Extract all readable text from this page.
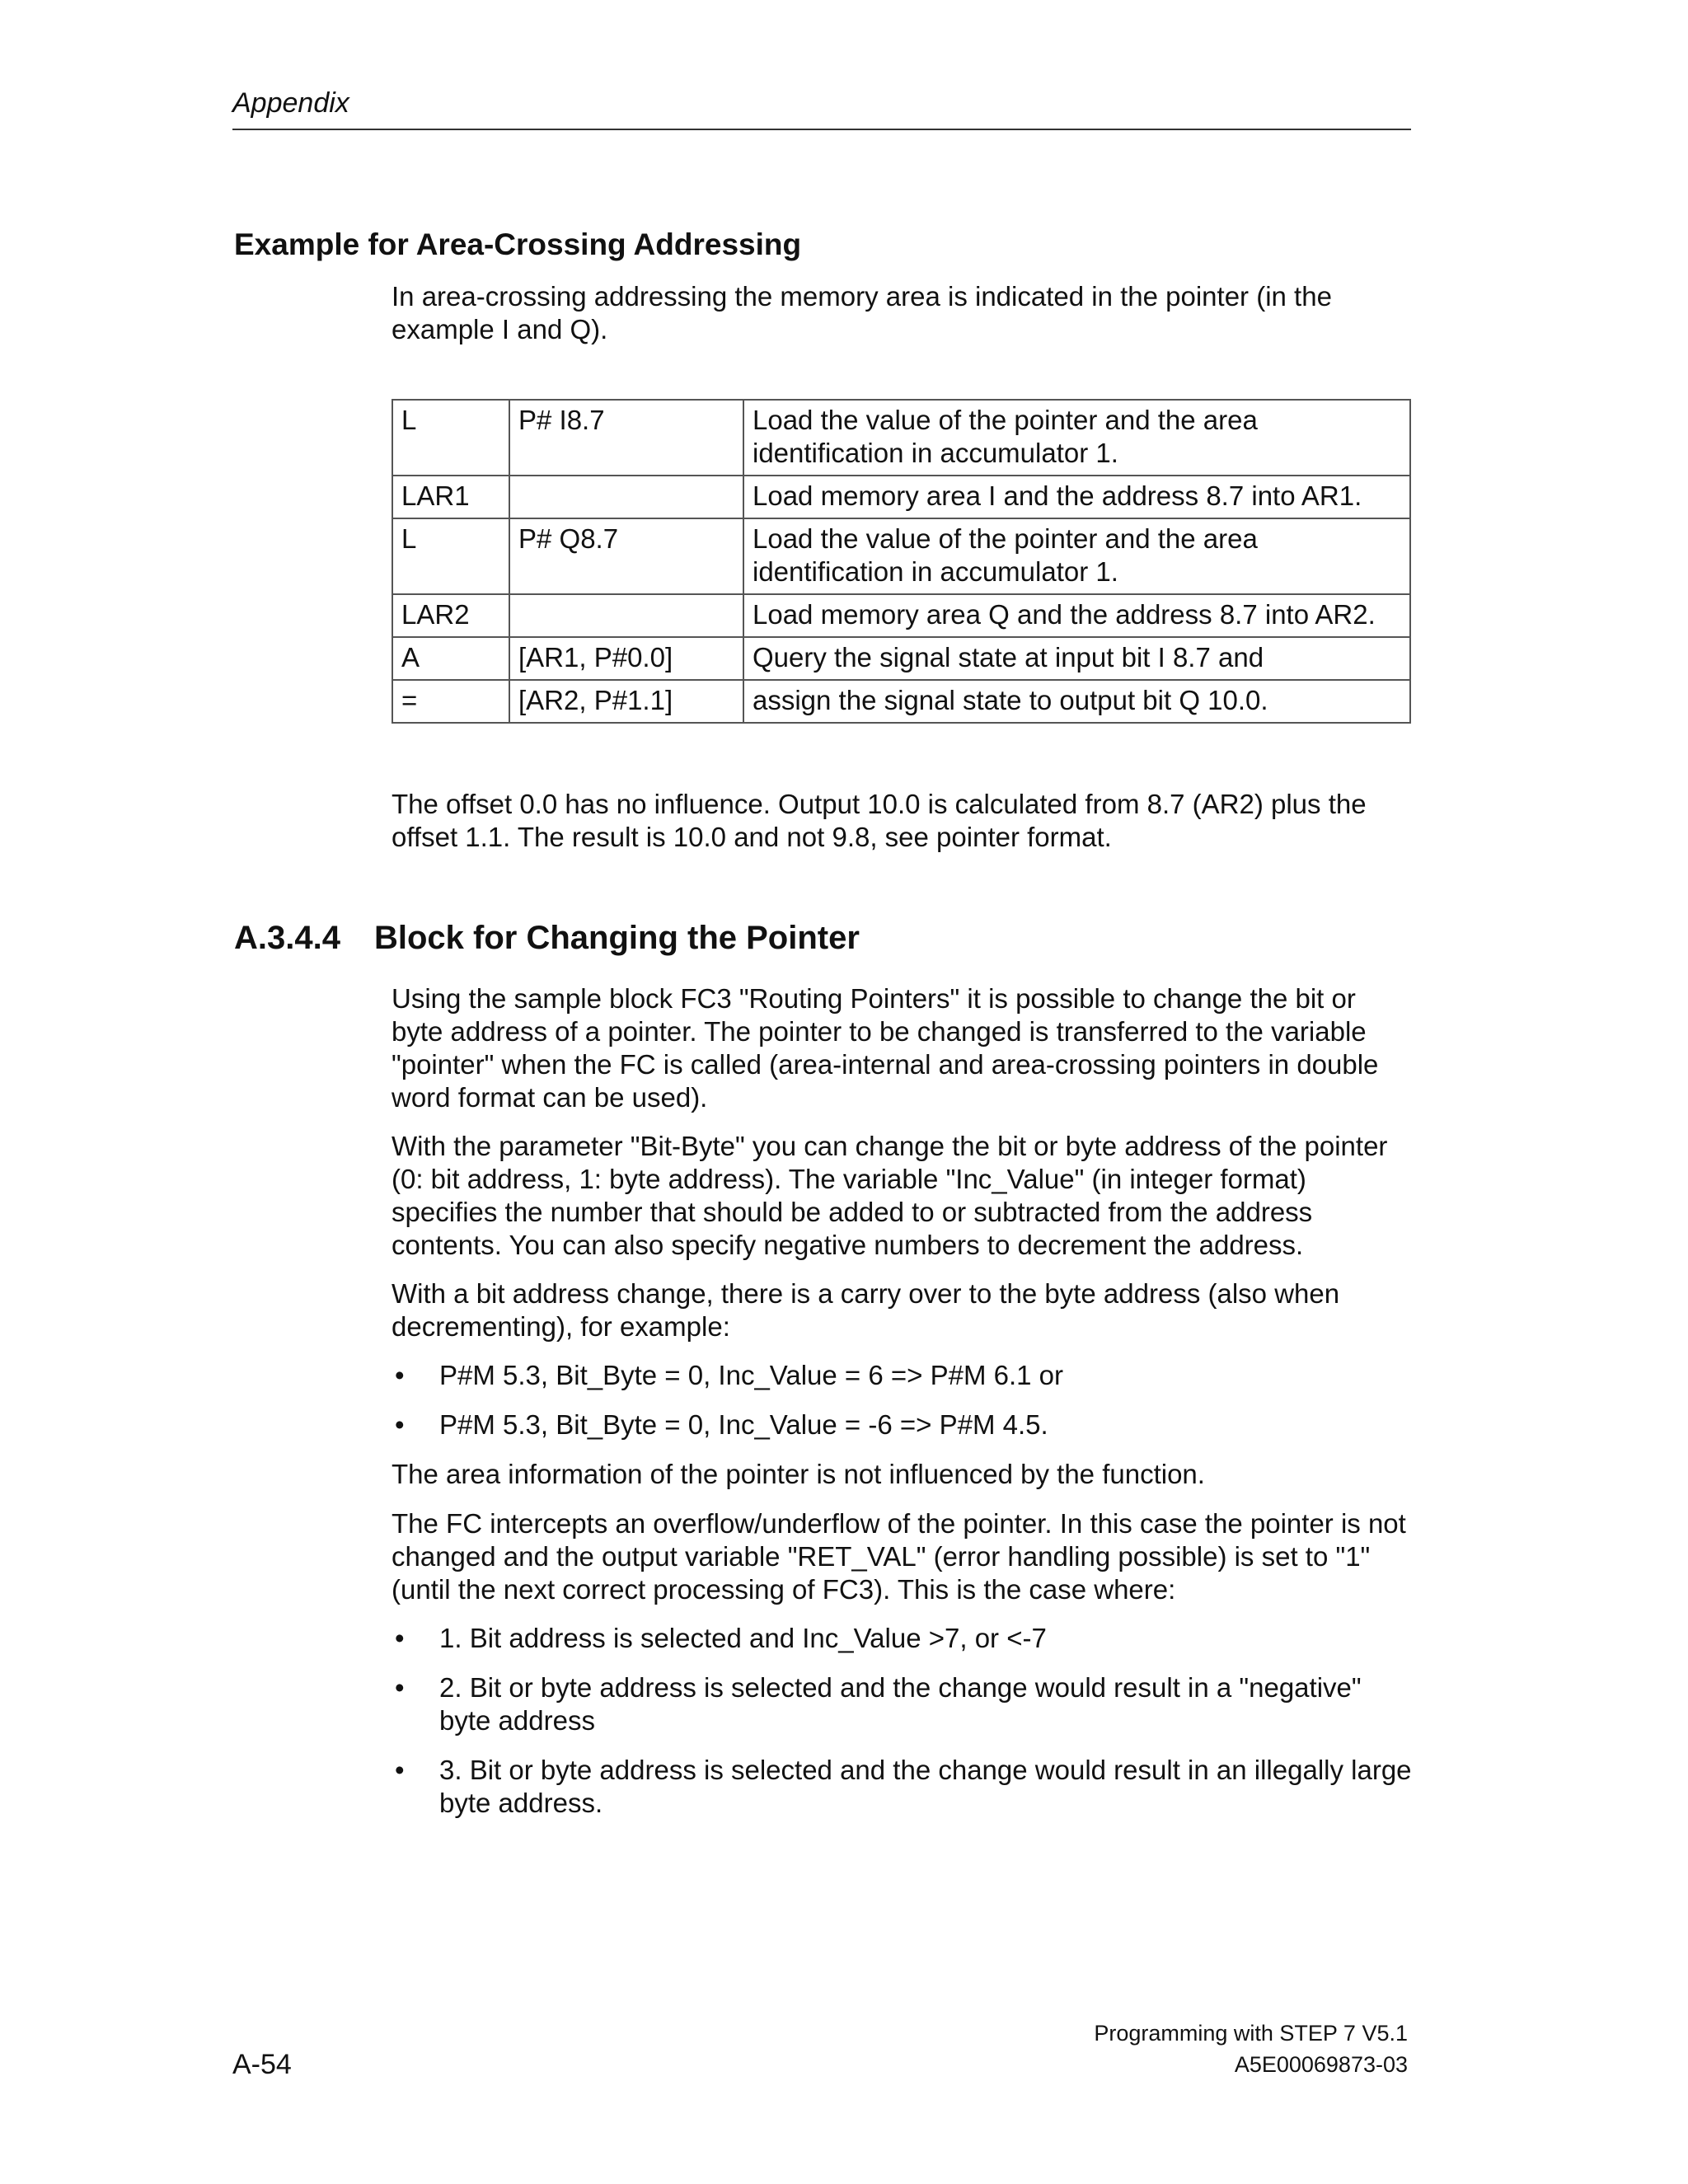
Appendix
Example for Area-Crossing Addressing

In area-crossing addressing the memory area is indicated in the pointer (in the example I and Q).

L	P# I8.7	Load the value of the pointer and the area identification in accumulator 1.
LAR1		Load memory area I and the address 8.7 into AR1.
L	P# Q8.7	Load the value of the pointer and the area identification in accumulator 1.
LAR2		Load memory area Q and the address 8.7 into AR2.
A	[AR1, P#0.0]	Query the signal state at input bit I 8.7 and
=	[AR2, P#1.1]	assign the signal state to output bit Q 10.0.

The offset 0.0 has no influence. Output 10.0 is calculated from 8.7 (AR2) plus the offset 1.1. The result is 10.0 and not 9.8, see pointer format.

A.3.4.4 Block for Changing the Pointer

Using the sample block FC3 "Routing Pointers" it is possible to change the bit or byte address of a pointer. The pointer to be changed is transferred to the variable "pointer" when the FC is called (area-internal and area-crossing pointers in double word format can be used).

With the parameter "Bit-Byte" you can change the bit or byte address of the pointer (0: bit address, 1: byte address). The variable "Inc_Value" (in integer format) specifies the number that should be added to or subtracted from the address contents. You can also specify negative numbers to decrement the address.

With a bit address change, there is a carry over to the byte address (also when decrementing), for example:

• P#M 5.3, Bit_Byte = 0, Inc_Value = 6 => P#M 6.1 or
• P#M 5.3, Bit_Byte = 0, Inc_Value = -6 => P#M 4.5.

The area information of the pointer is not influenced by the function.

The FC intercepts an overflow/underflow of the pointer. In this case the pointer is not changed and the output variable "RET_VAL" (error handling possible) is set to "1" (until the next correct processing of FC3). This is the case where:

• 1. Bit address is selected and Inc_Value >7, or <-7
• 2. Bit or byte address is selected and the change would result in a "negative" byte address
• 3. Bit or byte address is selected and the change would result in an illegally large byte address.
Programming with STEP 7 V5.1
A-54	A5E00069873-03
